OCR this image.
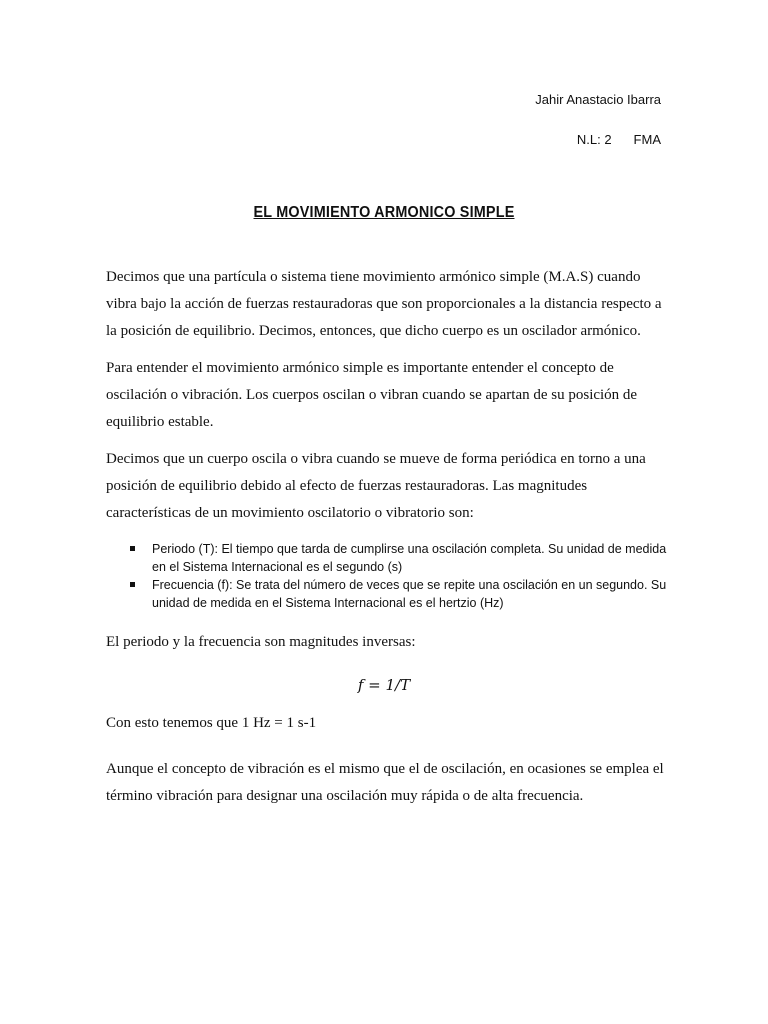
Jahir Anastacio Ibarra
N.L: 2 FMA
EL MOVIMIENTO ARMONICO SIMPLE

Decimos que una partícula o sistema tiene movimiento armónico simple (M.A.S) cuando vibra bajo la acción de fuerzas restauradoras que son proporcionales a la distancia respecto a la posición de equilibrio. Decimos, entonces, que dicho cuerpo es un oscilador armónico.

Para entender el movimiento armónico simple es importante entender el concepto de oscilación o vibración. Los cuerpos oscilan o vibran cuando se apartan de su posición de equilibrio estable.

Decimos que un cuerpo oscila o vibra cuando se mueve de forma periódica en torno a una posición de equilibrio debido al efecto de fuerzas restauradoras. Las magnitudes características de un movimiento oscilatorio o vibratorio son:

Periodo (T): El tiempo que tarda de cumplirse una oscilación completa. Su unidad de medida en el Sistema Internacional es el segundo (s)
Frecuencia (f): Se trata del número de veces que se repite una oscilación en un segundo. Su unidad de medida en el Sistema Internacional es el hertzio (Hz)

El periodo y la frecuencia son magnitudes inversas:

f = 1/T

Con esto tenemos que 1 Hz = 1 s-1

Aunque el concepto de vibración es el mismo que el de oscilación, en ocasiones se emplea el término vibración para designar una oscilación muy rápida o de alta frecuencia.
